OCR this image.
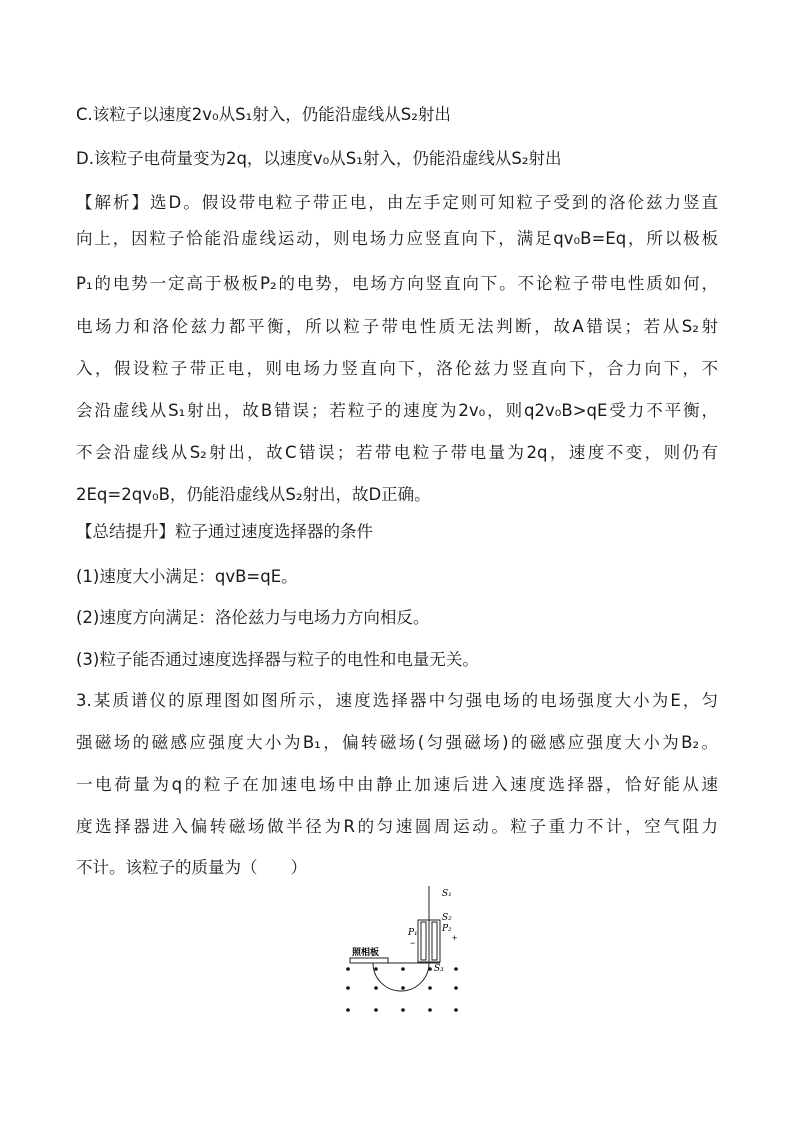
C.该粒子以速度2v₀从S₁射入，仍能沿虚线从S₂射出
D.该粒子电荷量变为2q，以速度v₀从S₁射入，仍能沿虚线从S₂射出
【解析】选D。假设带电粒子带正电，由左手定则可知粒子受到的洛伦兹力竖直
向上，因粒子恰能沿虚线运动，则电场力应竖直向下，满足qv₀B=Eq，所以极板
P₁的电势一定高于极板P₂的电势，电场方向竖直向下。不论粒子带电性质如何，
电场力和洛伦兹力都平衡，所以粒子带电性质无法判断，故A错误；若从S₂射
入，假设粒子带正电，则电场力竖直向下，洛伦兹力竖直向下，合力向下，不
会沿虚线从S₁射出，故B错误；若粒子的速度为2v₀，则q2v₀B>qE受力不平衡，
不会沿虚线从S₂射出，故C错误；若带电粒子带电量为2q，速度不变，则仍有
2Eq=2qv₀B，仍能沿虚线从S₂射出，故D正确。
【总结提升】粒子通过速度选择器的条件
(1)速度大小满足：qvB=qE。
(2)速度方向满足：洛伦兹力与电场力方向相反。
(3)粒子能否通过速度选择器与粒子的电性和电量无关。
3.某质谱仪的原理图如图所示，速度选择器中匀强电场的电场强度大小为E，匀
强磁场的磁感应强度大小为B₁，偏转磁场(匀强磁场)的磁感应强度大小为B₂。
一电荷量为q的粒子在加速电场中由静止加速后进入速度选择器，恰好能从速
度选择器进入偏转磁场做半径为R的匀速圆周运动。粒子重力不计，空气阻力
不计。该粒子的质量为（　　）
S₁
S₂
S₃
P₁	P₂
−	+
照相板
